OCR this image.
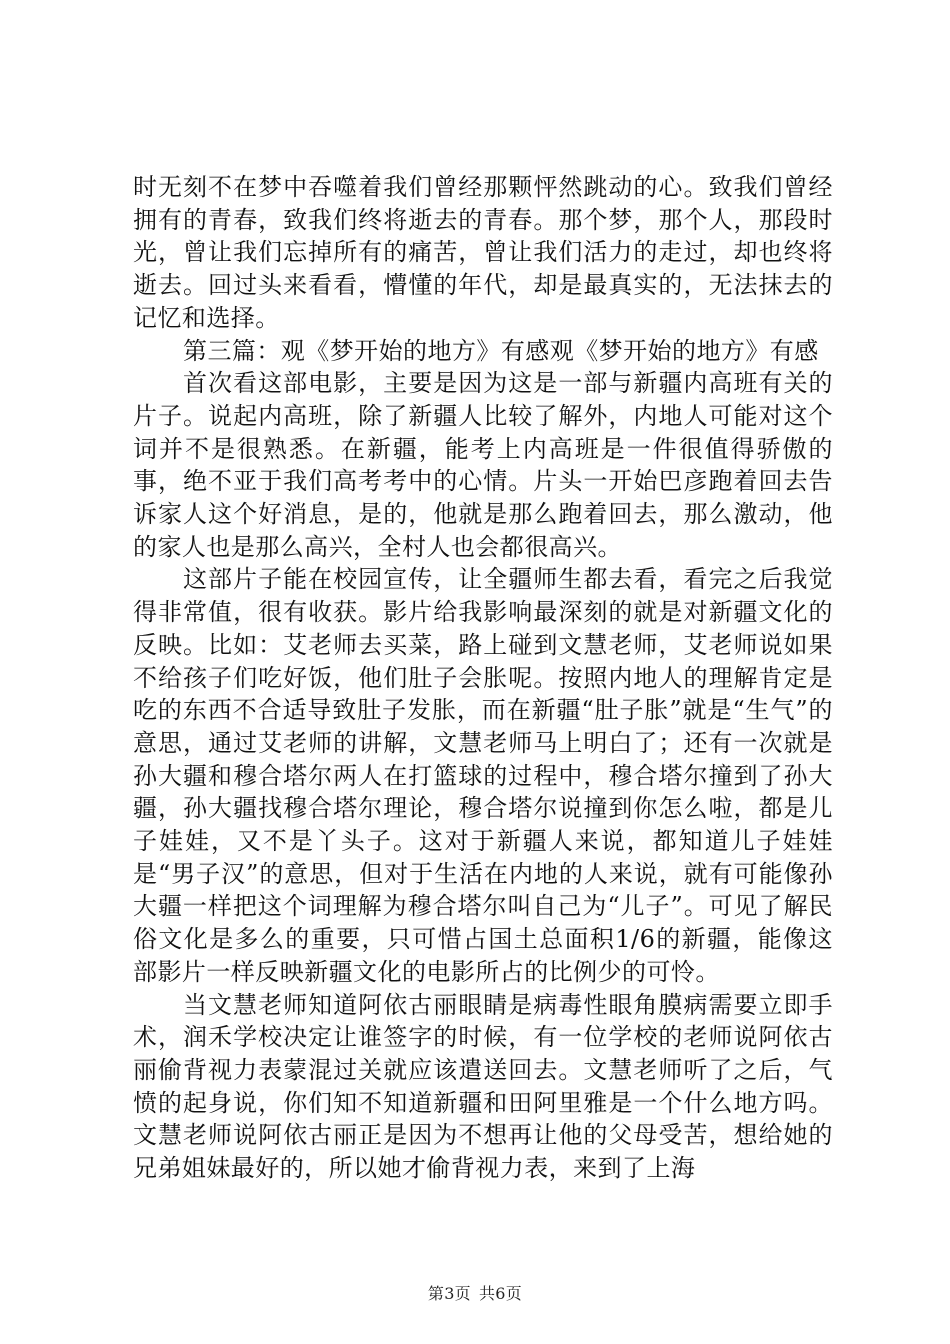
时无刻不在梦中吞噬着我们曾经那颗怦然跳动的心。致我们曾经拥有的青春，致我们终将逝去的青春。那个梦，那个人，那段时光，曾让我们忘掉所有的痛苦，曾让我们活力的走过，却也终将逝去。回过头来看看，懵懂的年代，却是最真实的，无法抹去的记忆和选择。

第三篇：观《梦开始的地方》有感观《梦开始的地方》有感

首次看这部电影，主要是因为这是一部与新疆内高班有关的片子。说起内高班，除了新疆人比较了解外，内地人可能对这个词并不是很熟悉。在新疆，能考上内高班是一件很值得骄傲的事，绝不亚于我们高考考中的心情。片头一开始巴彦跑着回去告诉家人这个好消息，是的，他就是那么跑着回去，那么激动，他的家人也是那么高兴，全村人也会都很高兴。

这部片子能在校园宣传，让全疆师生都去看，看完之后我觉得非常值，很有收获。影片给我影响最深刻的就是对新疆文化的反映。比如：艾老师去买菜，路上碰到文慧老师，艾老师说如果不给孩子们吃好饭，他们肚子会胀呢。按照内地人的理解肯定是吃的东西不合适导致肚子发胀，而在新疆“肚子胀”就是“生气”的意思，通过艾老师的讲解，文慧老师马上明白了；还有一次就是孙大疆和穆合塔尔两人在打篮球的过程中，穆合塔尔撞到了孙大疆，孙大疆找穆合塔尔理论，穆合塔尔说撞到你怎么啦，都是儿子娃娃，又不是丫头子。这对于新疆人来说，都知道儿子娃娃是“男子汉”的意思，但对于生活在内地的人来说，就有可能像孙大疆一样把这个词理解为穆合塔尔叫自己为“儿子”。可见了解民俗文化是多么的重要，只可惜占国土总面积1/6的新疆，能像这部影片一样反映新疆文化的电影所占的比例少的可怜。

当文慧老师知道阿依古丽眼睛是病毒性眼角膜病需要立即手术，润禾学校决定让谁签字的时候，有一位学校的老师说阿依古丽偷背视力表蒙混过关就应该遣送回去。文慧老师听了之后，气愤的起身说，你们知不知道新疆和田阿里雅是一个什么地方吗。文慧老师说阿依古丽正是因为不想再让他的父母受苦，想给她的兄弟姐妹最好的，所以她才偷背视力表，来到了上海

第3页 共6页
